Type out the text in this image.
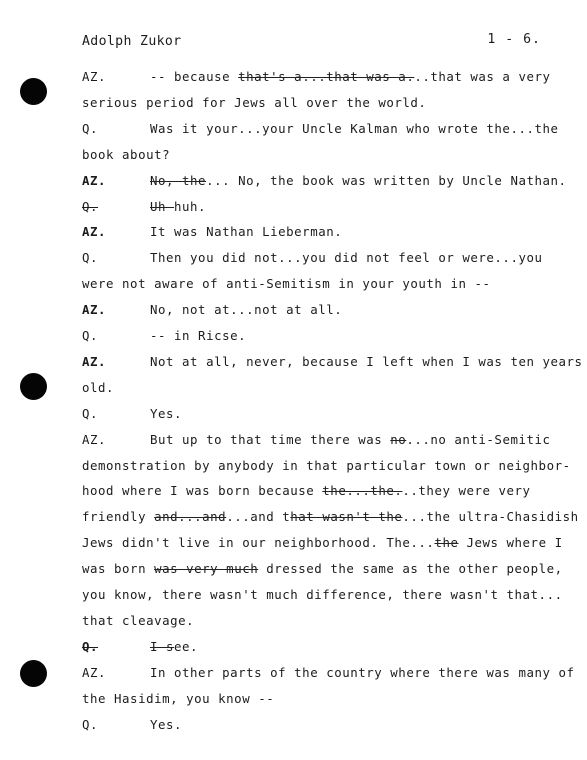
Adolph Zukor	1 - 6.
AZ.	-- because that's a...that was a...that was a very
serious period for Jews all over the world.
Q.	Was it your...your Uncle Kalman who wrote the...the
book about?
AZ.	No, the... No, the book was written by Uncle Nathan.
Q.	Uh-huh.
AZ.	It was Nathan Lieberman.
Q.	Then you did not...you did not feel or were...you
were not aware of anti-Semitism in your youth in --
AZ.	No, not at...not at all.
Q.	-- in Ricse.
AZ.	Not at all, never, because I left when I was ten years
old.
Q.	Yes.
AZ.	But up to that time there was no...no anti-Semitic
demonstration by anybody in that particular town or neighbor-
hood where I was born because the...the...they were very
friendly and...and...and that wasn't the...the ultra-Chasidish
Jews didn't live in our neighborhood. The...the Jews where I
was born was very much dressed the same as the other people,
you know, there wasn't much difference, there wasn't that...
that cleavage.
Q.	I see.
AZ.	In other parts of the country where there was many of
the Hasidim, you know --
Q.	Yes.
